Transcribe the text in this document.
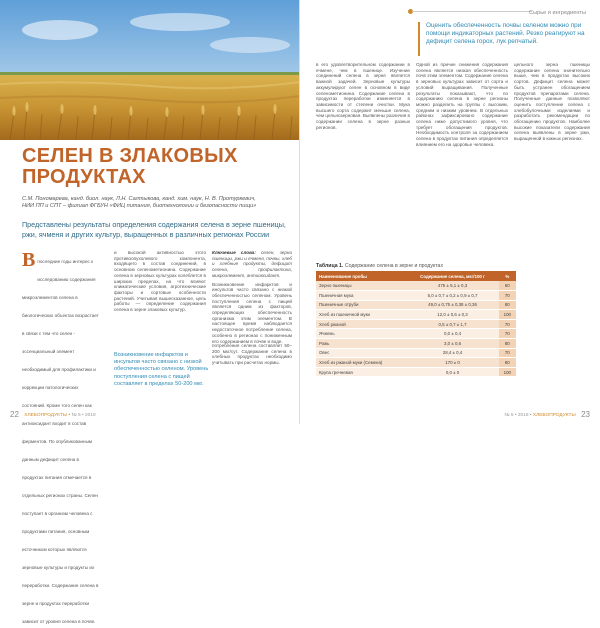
СЕЛЕН В ЗЛАКОВЫХ
ПРОДУКТАХ
С.М. Пономарева, канд. биол. наук, Л.Н. Салтыкова, канд. хим. наук, Н. В. Протуркевич,
НИИ ПП и СПТ – филиал ФГБУН «ФИЦ питания, биотехнологии и безопасности пищи»
Представлены результаты определения содержания селена в зерне пшеницы, ржи, ячменя и других культур, выращенных в различных регионах России
В последние годы интерес к исследованию содержания микроэлементов селена в биологических объектах возрастает в связи с тем что селен - эссенциальный элемент необходимый для профилактики и коррекции патологических состояний. Кроме того селен как антиоксидант входит в состав ферментов. По опубликованным данным дефицит селена в продуктах питания отмечается в отдельных регионах страны. Селен поступает в организм человека с продуктами питания, основным источником которых являются зерновые культуры и продукты их переработки. Содержание селена в зерне и продуктах переработки зависит от уровня селена в почве.
и высокой активностью этого противоопухолевого компонента, входящего в состав соединений, в основном селенометионина. Содержание селена в зерновых культурах колеблется в широких пределах, на что влияют климатические условия, агротехнические факторы и сортовые особенности растений. Учитывая вышесказанное, цель работы — определение содержания селена в зерне злаковых культур.
Ключевые слова: селен, зерно пшеницы, ржи и ячменя, почвы, хлеб и хлебные продукты, дефицит селена, профилактика, микроэлемент, антиоксидант.
Возникновение инфарктов и инсультов часто связано с низкой обеспеченностью селеном. Уровень поступления селена с пищей является одним из факторов, определяющих обеспеченность организма этим элементом. В настоящее время наблюдается недостаточное потребление селена, особенно в регионах с пониженным его содержанием в почве и воде.
Возникновение инфарктов и инсультов часто связано с низкой обеспеченностью селеном. Уровень поступления селена с пищей составляет в пределах 50-200 мкг.
потребления селена составляет 50–200 мкг/сут. Содержание селена в хлебных продуктах необходимо учитывать при расчетах нормы.
22 ХЛЕБОПРОДУКТЫ • № 5 • 2018
Сырье и ингредиенты
Оценить обеспеченность почвы селеном можно при помощи индикаторных растений. Резко реагируют на дефицит селена горох, лук репчатый.
в его удовлетворительном содержании в ячмене, чем в пшенице. Изучение соединений селена в зерне является важной задачей. Зерновые культуры аккумулируют селен в основном в виде селенометионина. Содержание селена в продуктах переработки изменяется в зависимости от степени очистки. Мука высшего сорта содержит меньше селена, чем цельнозерновая. Выявлены различия в содержании селена в зерне разных регионов.
Одной из причин снижения содержания селена является низкая обеспеченность почв этим элементом. Содержание селена в зерновых культурах зависит от сорта и условий выращивания. Полученные результаты показывают, что по содержанию селена в зерне регионы можно разделить на группы с высоким, средним и низким уровнем. В отдельных районах зафиксировано содержание селена ниже допустимого уровня, что требует обогащения продуктов. Необходимость контроля за содержанием селена в продуктах питания определяется влиянием его на здоровье человека.
цельного зерна пшеницы содержание селена значительно выше, чем в продуктах высоких сортов. Дефицит селена может быть устранен обогащением продуктов препаратами селена. Полученные данные позволяют оценить поступление селена с хлебобулочными изделиями и разработать рекомендации по обогащению продуктов. Наиболее высокие показатели содержания селена выявлены в зерне ржи, выращенной в южных регионах.
Таблица 1. Содержание селена в зерне и продуктах
Наименование пробы	Содержание селена, мкг/100 г	%
Зерно пшеницы	475 ± 5,1 ± 0,3	50
Пшеничная мука	5,0 ± 0,7 ± 0,2 ± 0,9 ± 0,7	70
Пшеничные отруби	49,0 ± 0,75 ± 0,38 ± 0,36	80
Хлеб из пшеничной муки	12,0 ± 0,6 ± 0,3	100
Хлеб ржаной	0,5 ± 0,7 ± 1,7	70
Ячмень	0,0 ± 0,4	70
Рожь	3,0 ± 0,6	80
Овес	28,4 ± 0,4	70
Хлеб из ржаной муки (Семена)	170 ± 0	80
Крупа гречневая	0,0 ± 0	100
№ 5 • 2018 • ХЛЕБОПРОДУКТЫ 23
